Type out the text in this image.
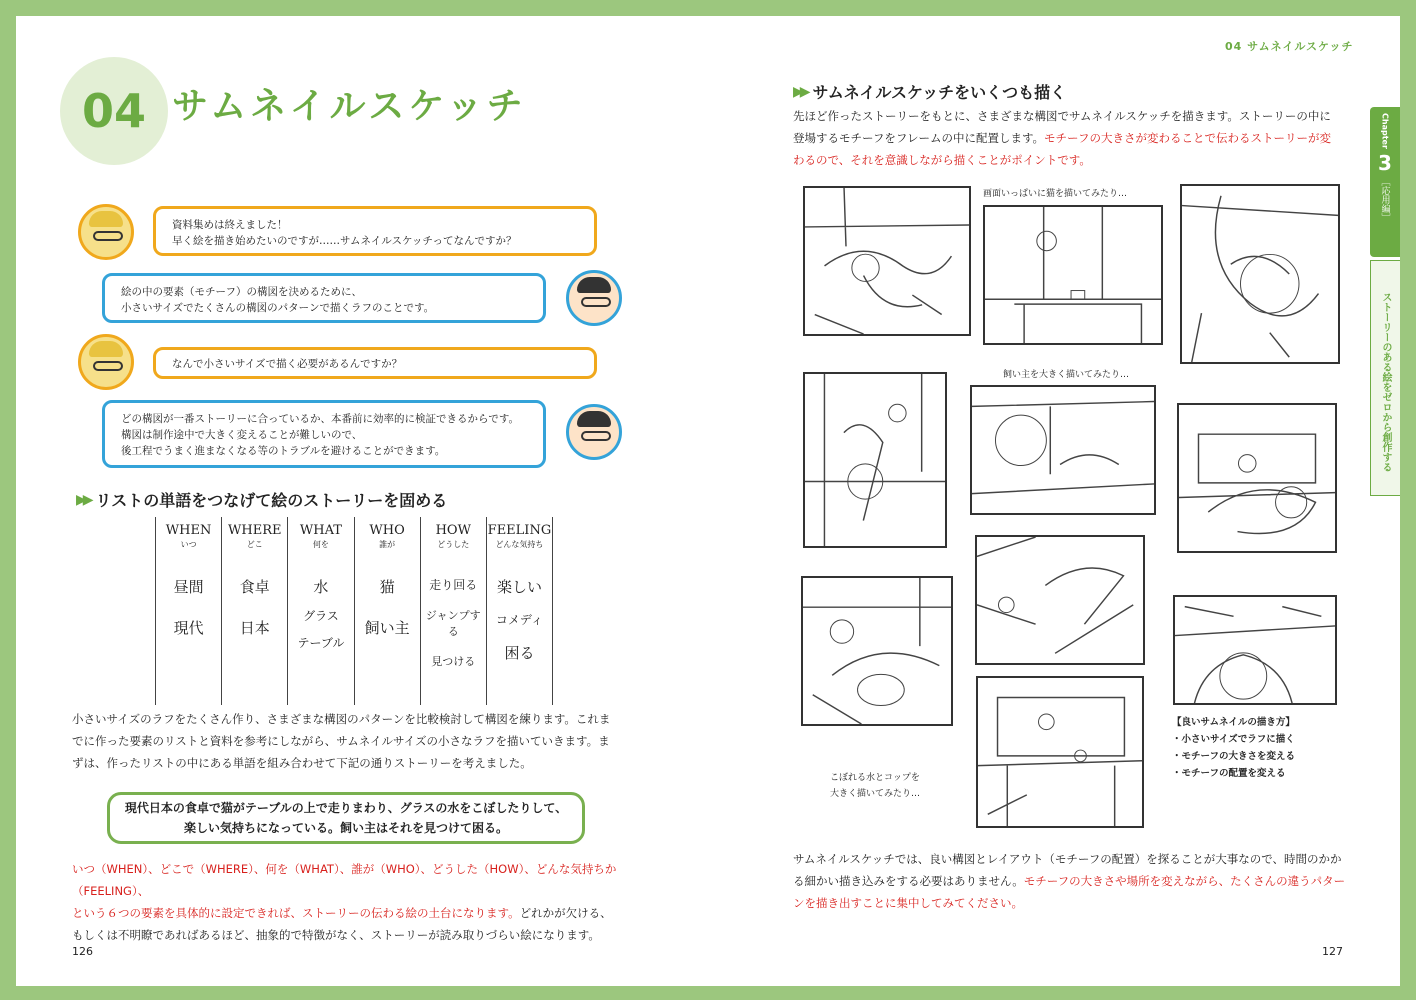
04 サムネイルスケッチ
資料集めは終えました！
早く絵を描き始めたいのですが……サムネイルスケッチってなんですか？
絵の中の要素（モチーフ）の構図を決めるために、
小さいサイズでたくさんの構図のパターンで描くラフのことです。
なんで小さいサイズで描く必要があるんですか？
どの構図が一番ストーリーに合っているか、本番前に効率的に検証できるからです。
構図は制作途中で大きく変えることが難しいので、
後工程でうまく進まなくなる等のトラブルを避けることができます。
▶▶ リストの単語をつなげて絵のストーリーを固める
WHEN
いつ
昼間
現代
WHERE
どこ
食卓
日本
WHAT
何を
水
グラス
テーブル
WHO
誰が
猫
飼い主
HOW
どうした
走り回る
ジャンプする
見つける
FEELING
どんな気持ち
楽しい
コメディ
困る
小さいサイズのラフをたくさん作り、さまざまな構図のパターンを比較検討して構図を練ります。これま
でに作った要素のリストと資料を参考にしながら、サムネイルサイズの小さなラフを描いていきます。ま
ずは、作ったリストの中にある単語を組み合わせて下記の通りストーリーを考えました。
現代日本の食卓で猫がテーブルの上で走りまわり、グラスの水をこぼしたりして、
楽しい気持ちになっている。飼い主はそれを見つけて困る。
いつ（WHEN）、どこで（WHERE）、何を（WHAT）、誰が（WHO）、どうした（HOW）、どんな気持ちか（FEELING）、
という６つの要素を具体的に設定できれば、ストーリーの伝わる絵の土台になります。どれかが欠ける、
もしくは不明瞭であればあるほど、抽象的で特徴がなく、ストーリーが読み取りづらい絵になります。
126
04 サムネイルスケッチ
Chapter
3
［応用編］
ストーリーのある絵をゼロから創作する
▶▶ サムネイルスケッチをいくつも描く
先ほど作ったストーリーをもとに、さまざまな構図でサムネイルスケッチを描きます。ストーリーの中に
登場するモチーフをフレームの中に配置します。モチーフの大きさが変わることで伝わるストーリーが変
わるので、それを意識しながら描くことがポイントです。
画面いっぱいに猫を描いてみたり…
飼い主を大きく描いてみたり…
こぼれる水とコップを
大きく描いてみたり…
【良いサムネイルの描き方】
・小さいサイズでラフに描く
・モチーフの大きさを変える
・モチーフの配置を変える
サムネイルスケッチでは、良い構図とレイアウト（モチーフの配置）を探ることが大事なので、時間のかか
る細かい描き込みをする必要はありません。モチーフの大きさや場所を変えながら、たくさんの違うパター
ンを描き出すことに集中してみてください。
127
